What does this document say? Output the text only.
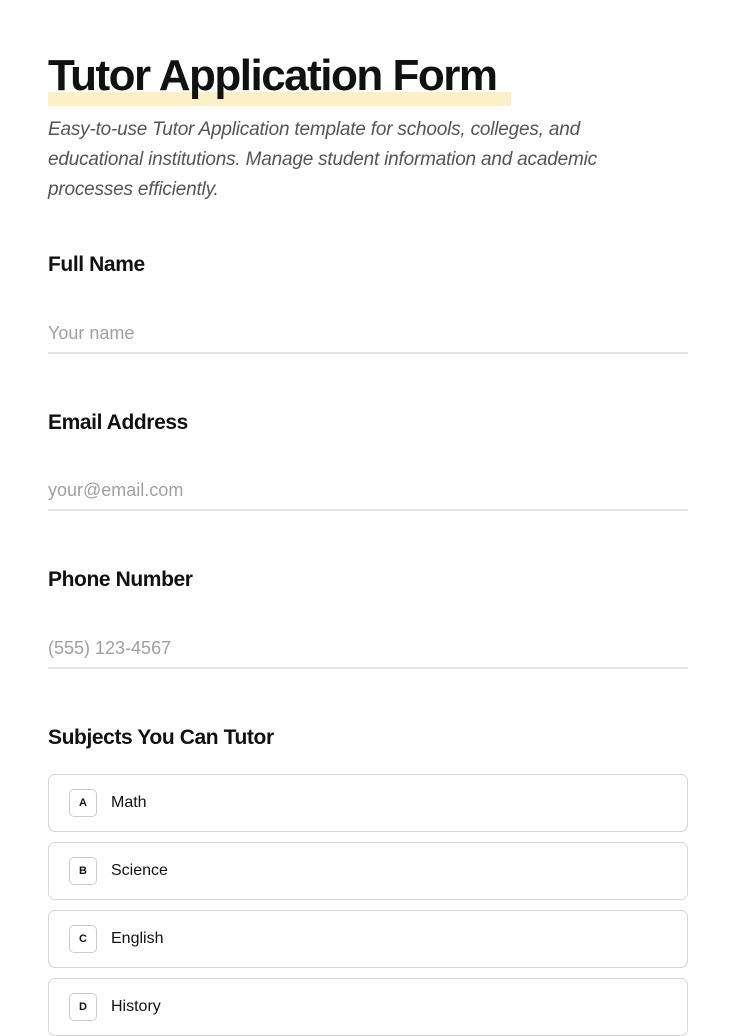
Tutor Application Form

Easy-to-use Tutor Application template for schools, colleges, and educational institutions. Manage student information and academic processes efficiently.

Full Name
Your name
Email Address
your@email.com
Phone Number
(555) 123-4567
Subjects You Can Tutor
A	Math
B	Science
C	English
D	History
